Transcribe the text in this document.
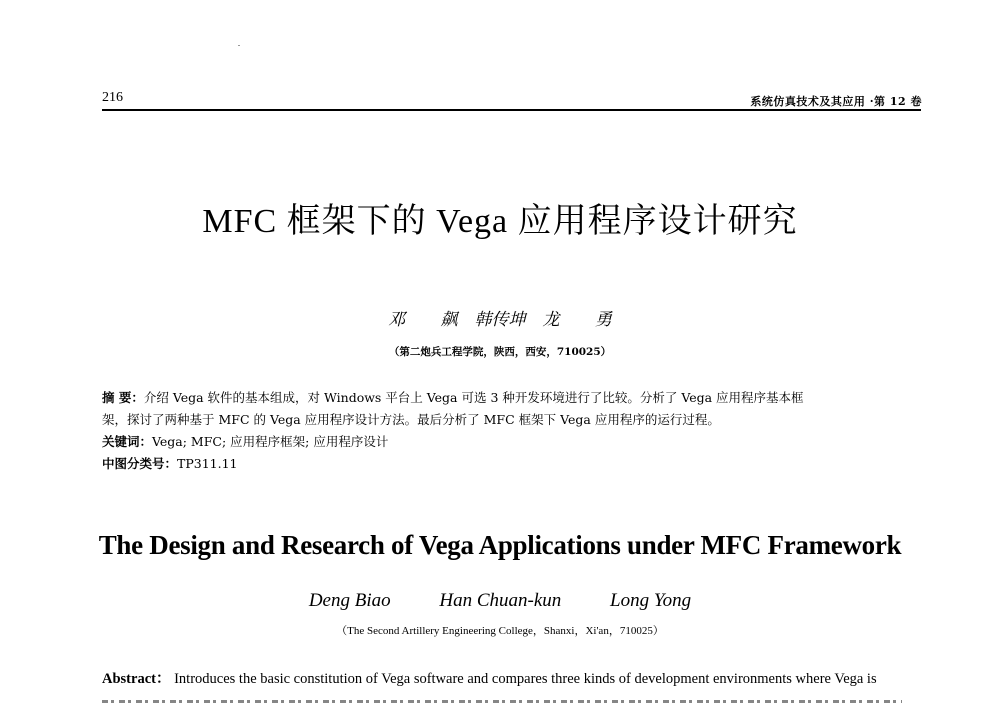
216	系统仿真技术及其应用 ·第 12 卷
MFC 框架下的 Vega 应用程序设计研究
邓 飙　韩传坤　龙 勇
（第二炮兵工程学院，陕西，西安，710025）
摘 要：介绍 Vega 软件的基本组成，对 Windows 平台上 Vega 可选 3 种开发环境进行了比较。分析了 Vega 应用程序基本框
架，探讨了两种基于 MFC 的 Vega 应用程序设计方法。最后分析了 MFC 框架下 Vega 应用程序的运行过程。
关键词：Vega; MFC; 应用程序框架; 应用程序设计
中图分类号：TP311.11
The Design and Research of Vega Applications under MFC Framework
Deng Biao	Han Chuan-kun	Long Yong
（The Second Artillery Engineering College，Shanxi，Xi'an，710025）
Abstract： Introduces the basic constitution of Vega software and compares three kinds of development environments where Vega is
